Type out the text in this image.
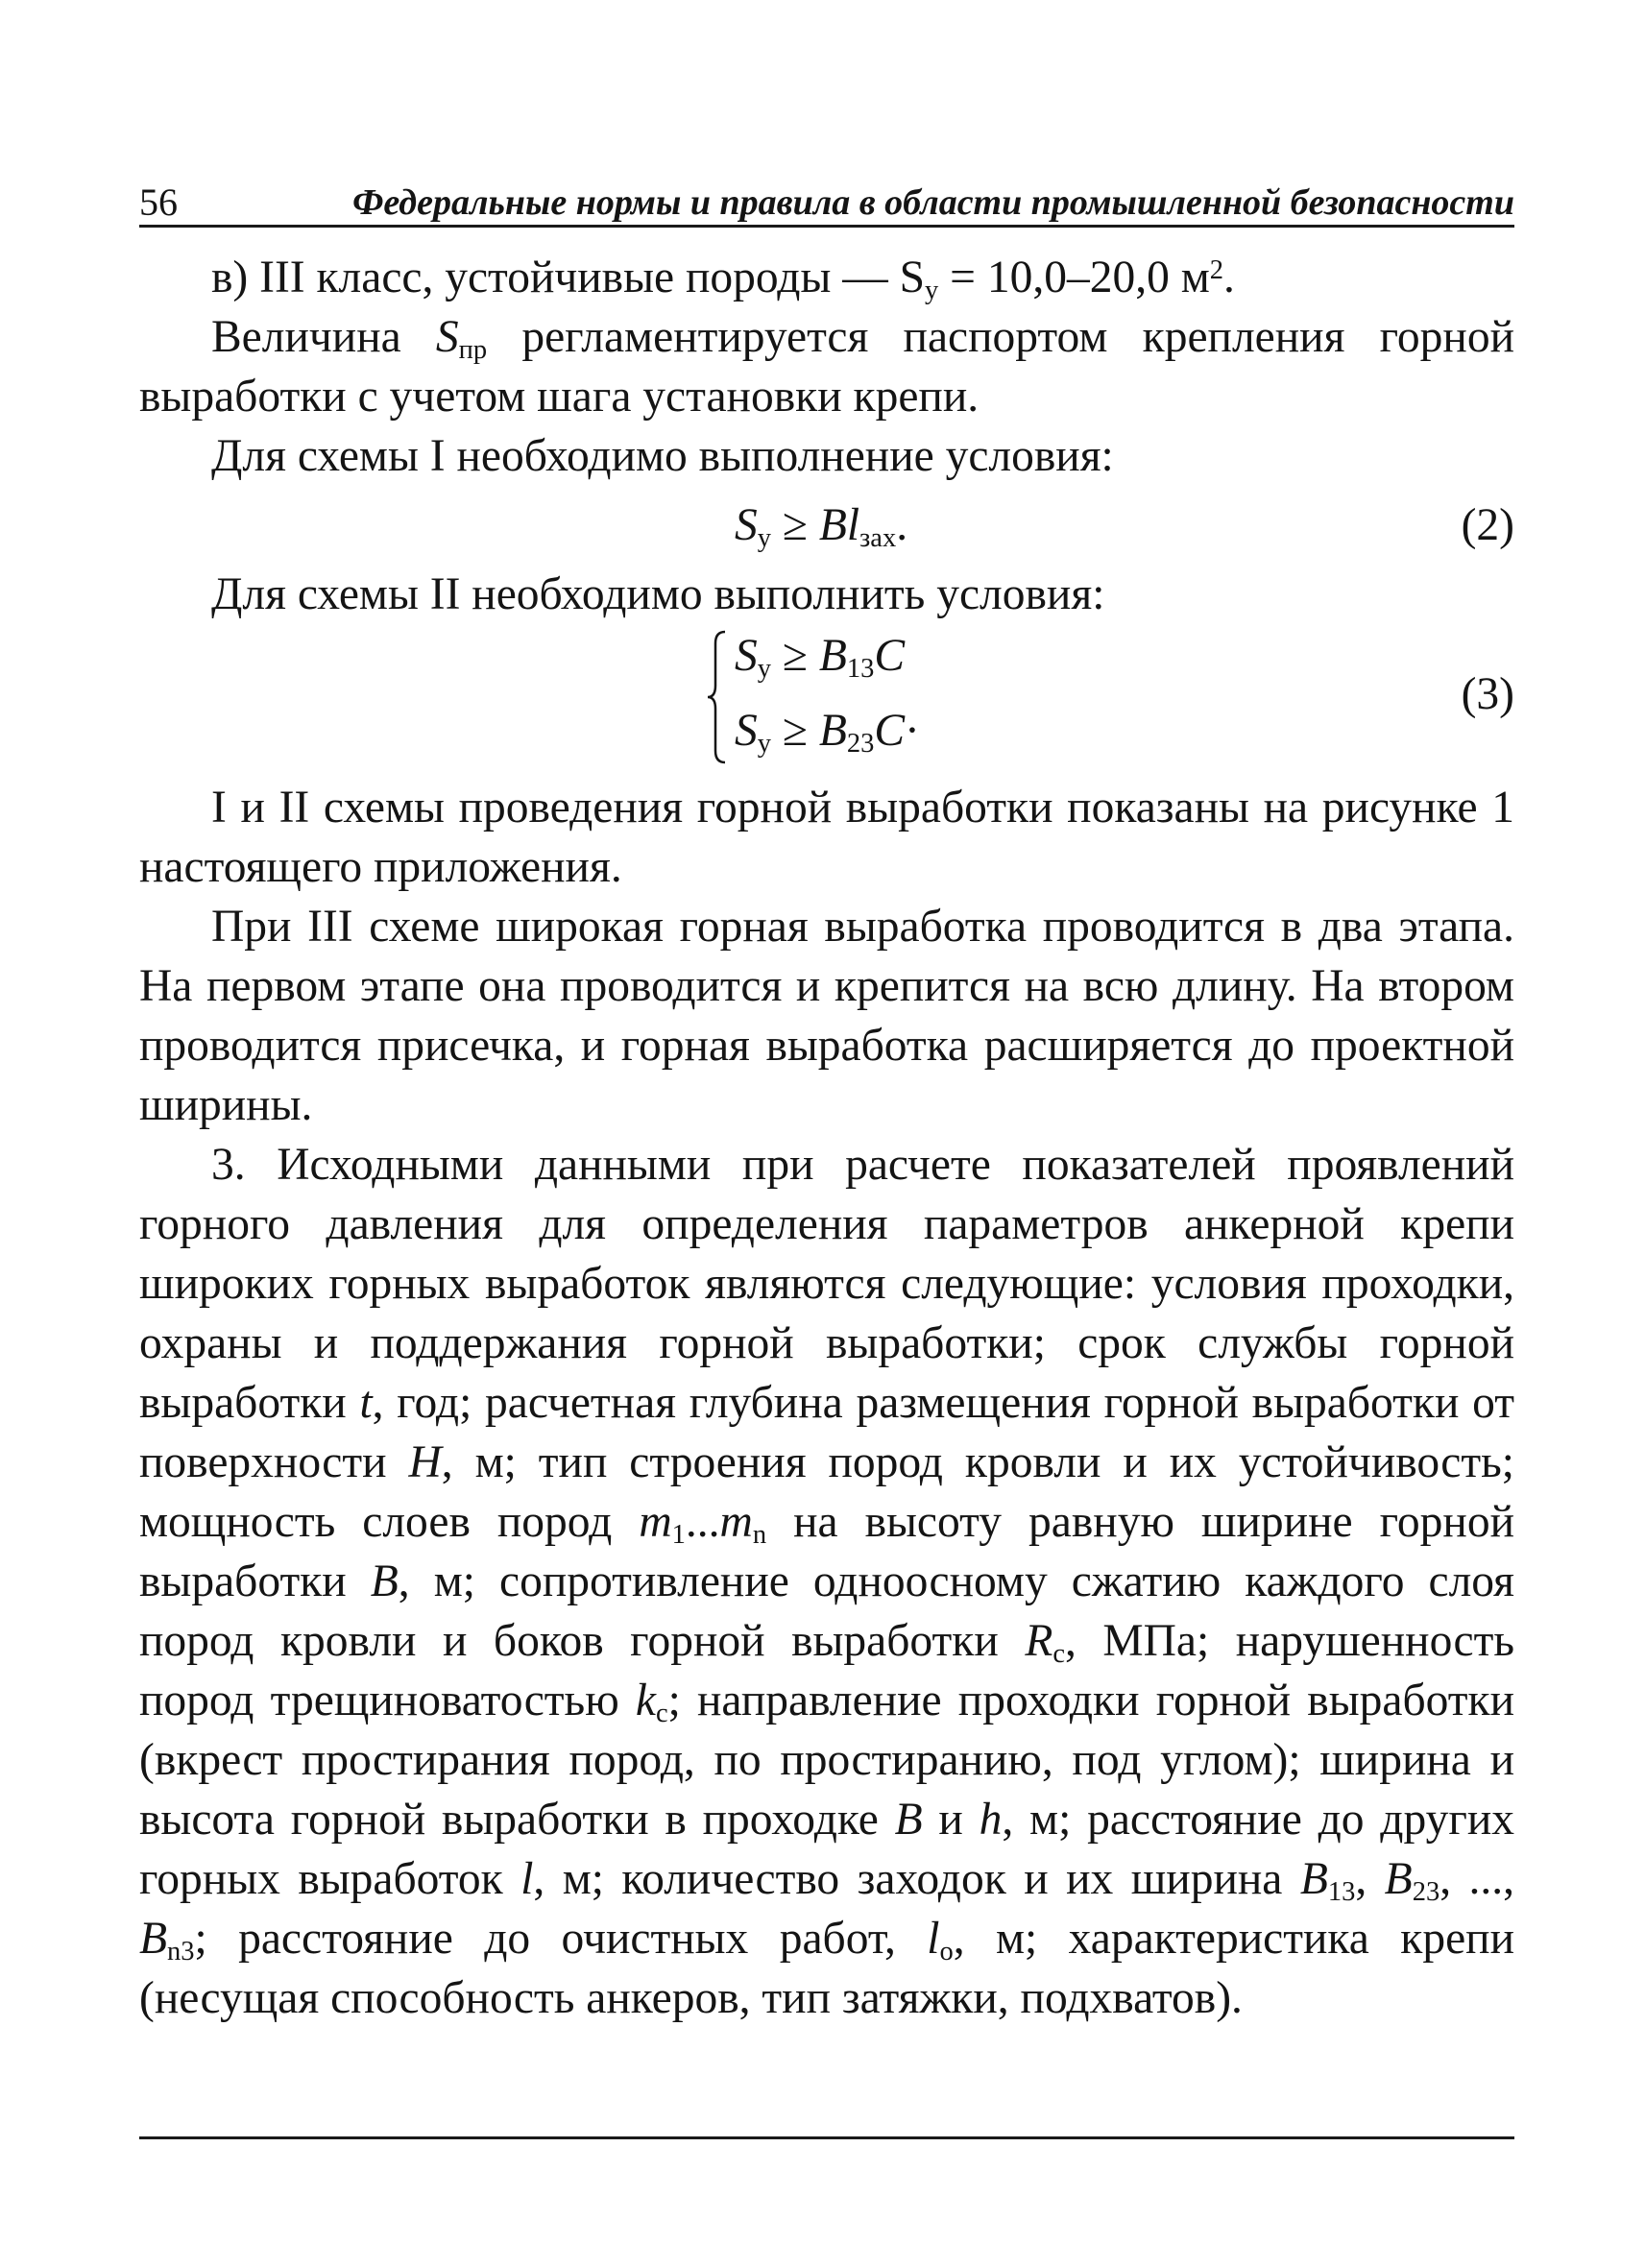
56	Федеральные нормы и правила в области промышленной безопасности

в) III класс, устойчивые породы — $S_у = 10,0-20,0$ $м^2$.

Величина $S_{пр}$ регламентируется паспортом крепления горной выработки с учетом шага установки крепи.

Для схемы I необходимо выполнение условия:

$S_у \ge Bl_{зах}$.	(2)

Для схемы II необходимо выполнить условия:

$S_y \ge B_{13}C$
$S_y \ge B_{23}C\cdot$
(3)

I и II схемы проведения горной выработки показаны на рисунке 1 настоящего приложения.

При III схеме широкая горная выработка проводится в два этапа. На первом этапе она проводится и крепится на всю длину. На втором проводится присечка, и горная выработка расширяется до проектной ширины.

3. Исходными данными при расчете показателей проявлений горного давления для определения параметров анкерной крепи широких горных выработок являются следующие: условия проходки, охраны и поддержания горной выработки; срок службы горной выработки t, год; расчетная глубина размещения горной выработки от поверхности H, м; тип строения пород кровли и их устойчивость; мощность слоев пород $m_1...m_n$ на высоту равную ширине горной выработки B, м; сопротивление одноосному сжатию каждого слоя пород кровли и боков горной выработки $R_c$, МПа; нарушенность пород трещиноватостью $k_c$; направление проходки горной выработки (вкрест простирания пород, по простиранию, под углом); ширина и высота горной выработки в проходке B и h, м; расстояние до других горных выработок l, м; количество заходок и их ширина $B_{13}$, $B_{23}$, ..., $B_{n3}$; расстояние до очистных работ, $l_o$, м; характеристика крепи (несущая способность анкеров, тип затяжки, подхватов).
